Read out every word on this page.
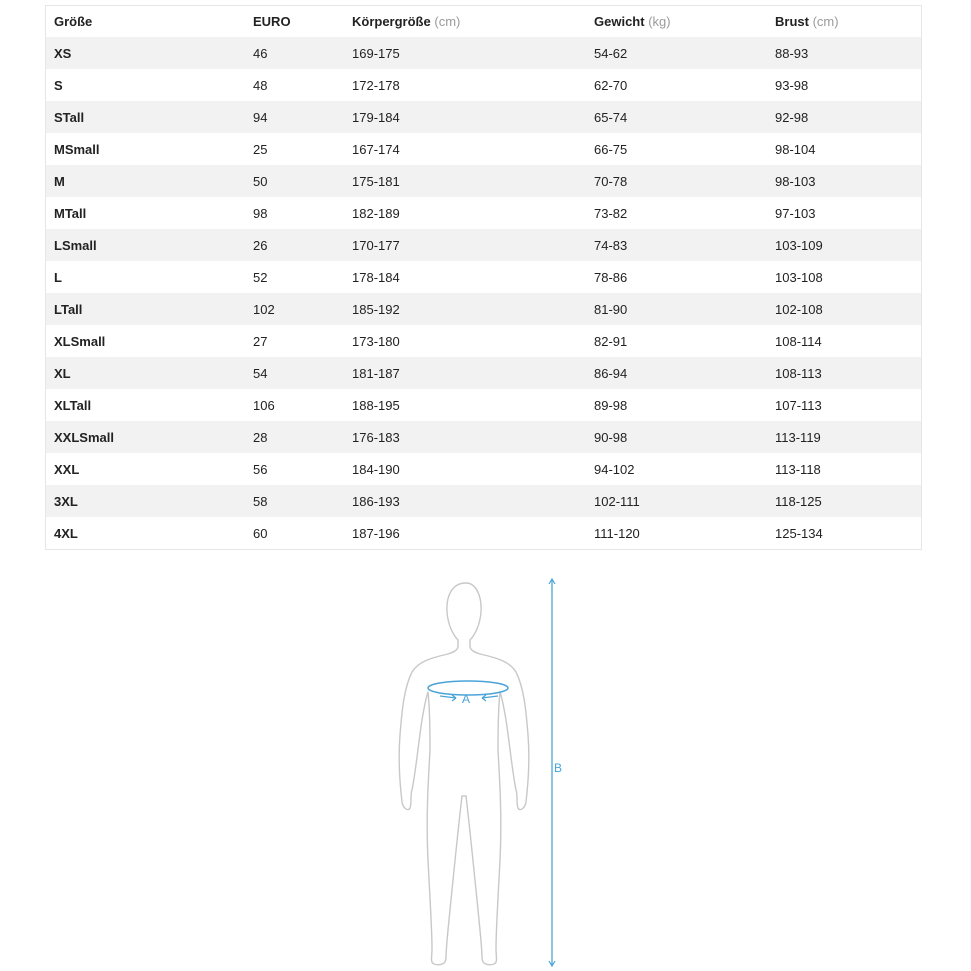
Größe	EURO	Körpergröße (cm)	Gewicht (kg)	Brust (cm)
XS	46	169-175	54-62	88-93
S	48	172-178	62-70	93-98
STall	94	179-184	65-74	92-98
MSmall	25	167-174	66-75	98-104
M	50	175-181	70-78	98-103
MTall	98	182-189	73-82	97-103
LSmall	26	170-177	74-83	103-109
L	52	178-184	78-86	103-108
LTall	102	185-192	81-90	102-108
XLSmall	27	173-180	82-91	108-114
XL	54	181-187	86-94	108-113
XLTall	106	188-195	89-98	107-113
XXLSmall	28	176-183	90-98	113-119
XXL	56	184-190	94-102	113-118
3XL	58	186-193	102-111	118-125
4XL	60	187-196	111-120	125-134
A
B
